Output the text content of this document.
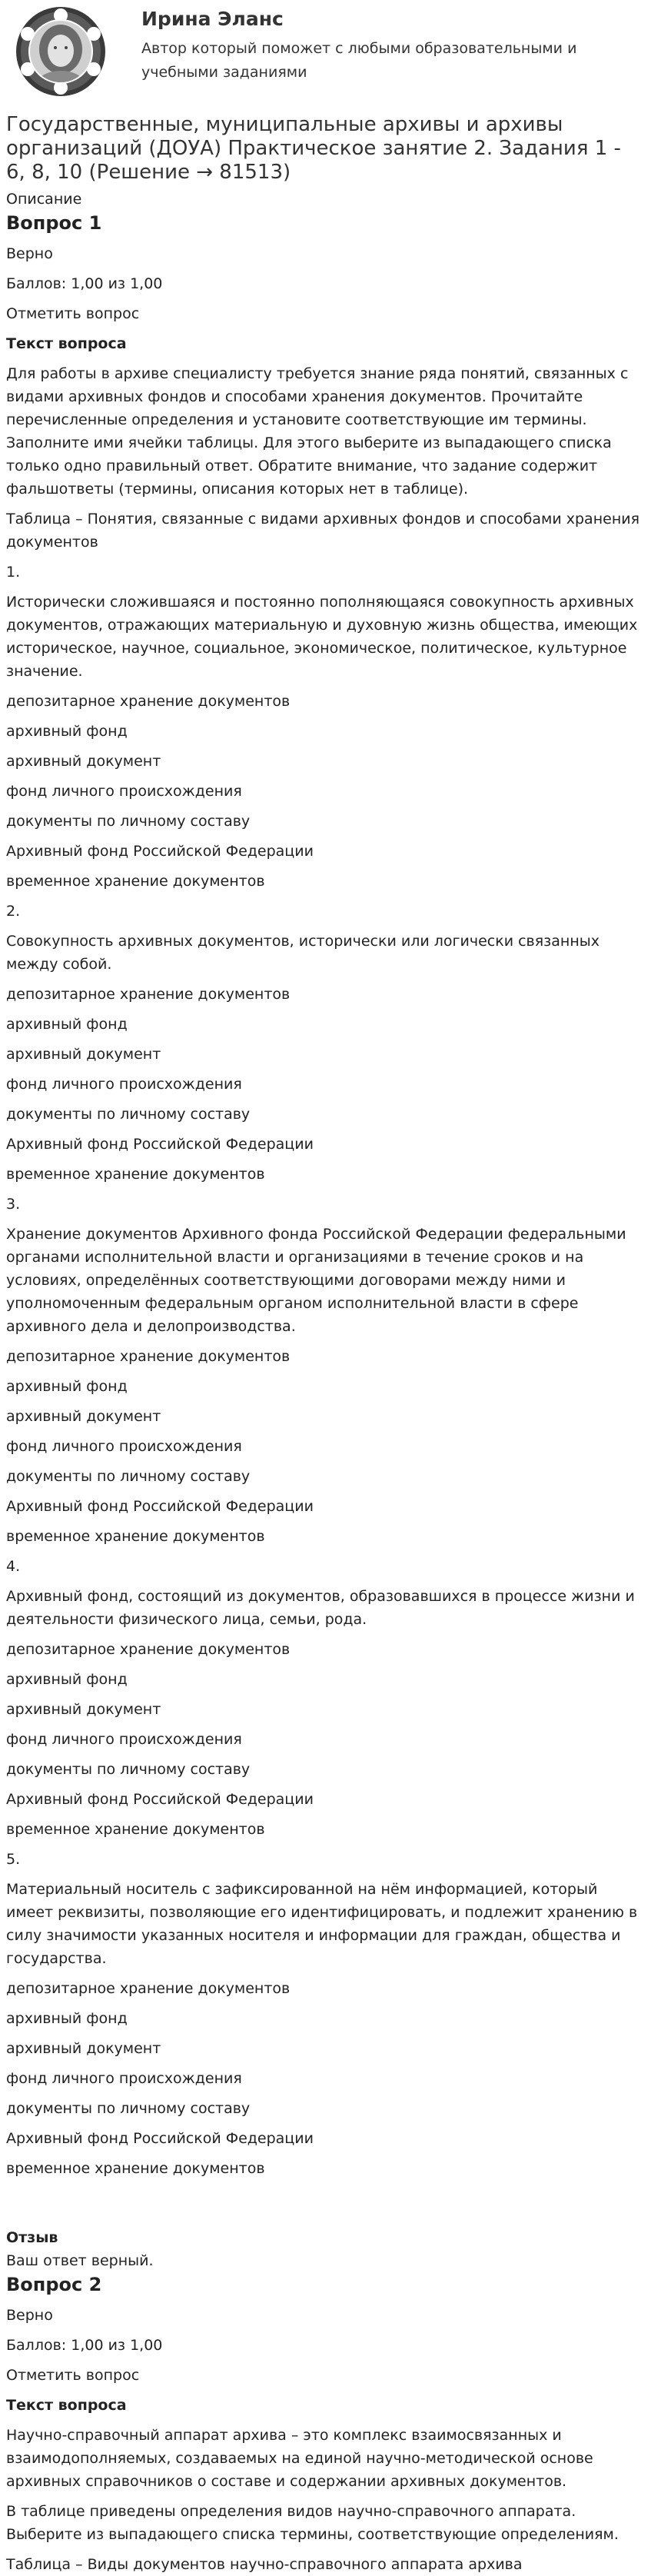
Ирина Эланс

Автор который поможет с любыми образовательными и учебными заданиями

Государственные, муниципальные архивы и архивы организаций (ДОУА) Практическое занятие 2. Задания 1 - 6, 8, 10 (Решение → 81513)

Описание

Вопрос 1

Верно

Баллов: 1,00 из 1,00

Отметить вопрос

Текст вопроса

Для работы в архиве специалисту требуется знание ряда понятий, связанных с видами архивных фондов и способами хранения документов. Прочитайте перечисленные определения и установите соответствующие им термины. Заполните ими ячейки таблицы. Для этого выберите из выпадающего списка только одно правильный ответ. Обратите внимание, что задание содержит фальшответы (термины, описания которых нет в таблице).

Таблица – Понятия, связанные с видами архивных фондов и способами хранения документов

1.

Исторически сложившаяся и постоянно пополняющаяся совокупность архивных документов, отражающих материальную и духовную жизнь общества, имеющих историческое, научное, социальное, экономическое, политическое, культурное значение.

депозитарное хранение документов

архивный фонд

архивный документ

фонд личного происхождения

документы по личному составу

Архивный фонд Российской Федерации

временное хранение документов

2.

Совокупность архивных документов, исторически или логически связанных между собой.

депозитарное хранение документов

архивный фонд

архивный документ

фонд личного происхождения

документы по личному составу

Архивный фонд Российской Федерации

временное хранение документов

3.

Хранение документов Архивного фонда Российской Федерации федеральными органами исполнительной власти и организациями в течение сроков и на условиях, определённых соответствующими договорами между ними и уполномоченным федеральным органом исполнительной власти в сфере архивного дела и делопроизводства.

депозитарное хранение документов

архивный фонд

архивный документ

фонд личного происхождения

документы по личному составу

Архивный фонд Российской Федерации

временное хранение документов

4.

Архивный фонд, состоящий из документов, образовавшихся в процессе жизни и деятельности физического лица, семьи, рода.

депозитарное хранение документов

архивный фонд

архивный документ

фонд личного происхождения

документы по личному составу

Архивный фонд Российской Федерации

временное хранение документов

5.

Материальный носитель с зафиксированной на нём информацией, который имеет реквизиты, позволяющие его идентифицировать, и подлежит хранению в силу значимости указанных носителя и информации для граждан, общества и государства.

депозитарное хранение документов

архивный фонд

архивный документ

фонд личного происхождения

документы по личному составу

Архивный фонд Российской Федерации

временное хранение документов

Отзыв

Ваш ответ верный.

Вопрос 2

Верно

Баллов: 1,00 из 1,00

Отметить вопрос

Текст вопроса

Научно-справочный аппарат архива – это комплекс взаимосвязанных и взаимодополняемых, создаваемых на единой научно-методической основе архивных справочников о составе и содержании архивных документов.

В таблице приведены определения видов научно-справочного аппарата. Выберите из выпадающего списка термины, соответствующие определениям.

Таблица – Виды документов научно-справочного аппарата архива
